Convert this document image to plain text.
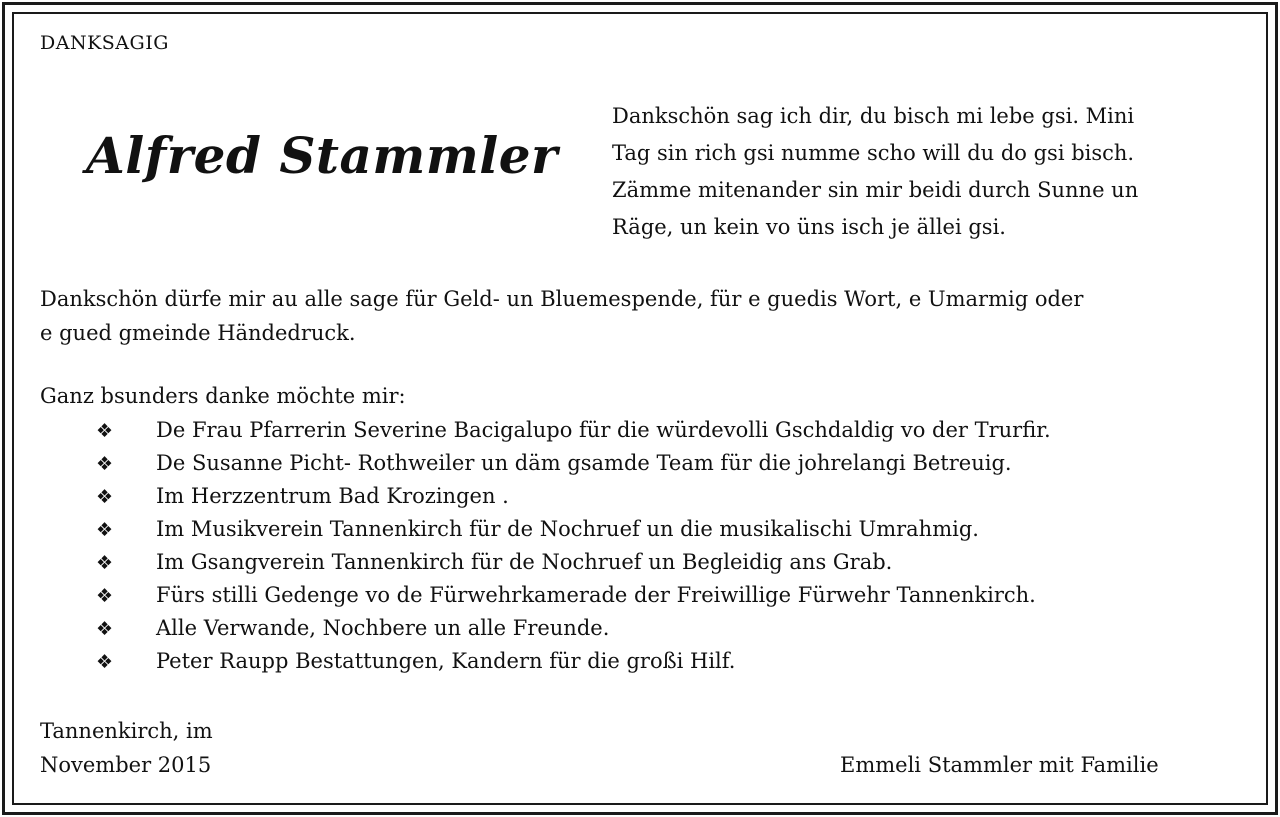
DANKSAGIG
Alfred Stammler
Dankschön sag ich dir, du bisch mi lebe gsi. Mini
Tag sin rich gsi numme scho will du do gsi bisch.
Zämme mitenander sin mir beidi durch Sunne un
Räge, un kein vo üns isch je ällei gsi.
Dankschön dürfe mir au alle sage für Geld- un Bluemespende, für e guedis Wort, e Umarmig oder
e gued gmeinde Händedruck.
Ganz bsunders danke möchte mir:
❖ De Frau Pfarrerin Severine Bacigalupo für die würdevolli Gschdaldig vo der Trurfir.
❖ De Susanne Picht- Rothweiler un däm gsamde Team für die johrelangi Betreuig.
❖ Im Herzzentrum Bad Krozingen .
❖ Im Musikverein Tannenkirch für de Nochruef un die musikalischi Umrahmig.
❖ Im Gsangverein Tannenkirch für de Nochruef un Begleidig ans Grab.
❖ Fürs stilli Gedenge vo de Fürwehrkamerade der Freiwillige Fürwehr Tannenkirch.
❖ Alle Verwande, Nochbere un alle Freunde.
❖ Peter Raupp Bestattungen, Kandern für die großi Hilf.
Tannenkirch, im
November 2015	Emmeli Stammler mit Familie
